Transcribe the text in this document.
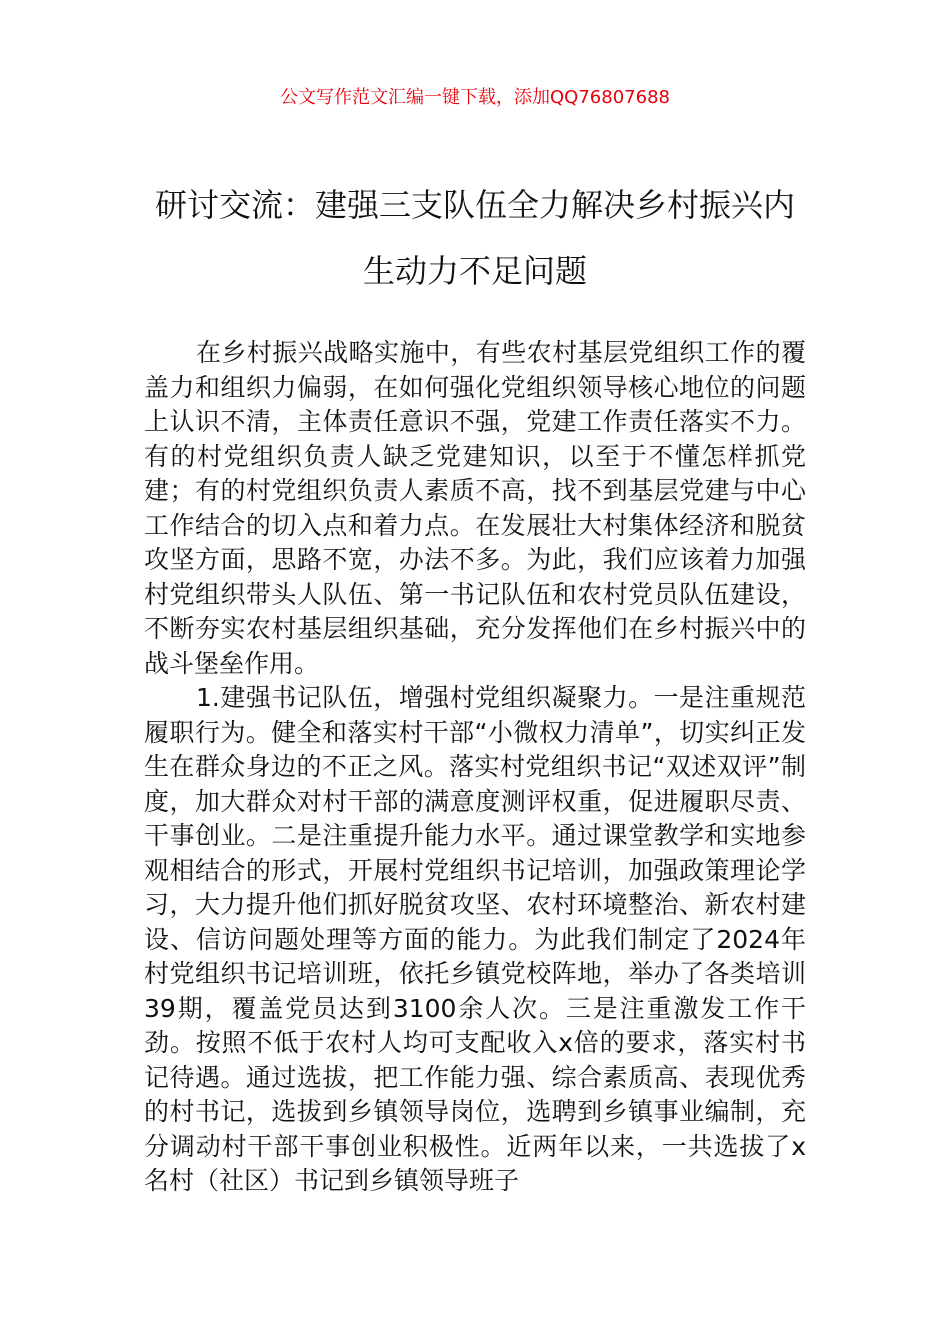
公文写作范文汇编一键下载，添加QQ76807688
研讨交流：建强三支队伍全力解决乡村振兴内生动力不足问题

在乡村振兴战略实施中，有些农村基层党组织工作的覆盖力和组织力偏弱，在如何强化党组织领导核心地位的问题上认识不清，主体责任意识不强，党建工作责任落实不力。有的村党组织负责人缺乏党建知识，以至于不懂怎样抓党建；有的村党组织负责人素质不高，找不到基层党建与中心工作结合的切入点和着力点。在发展壮大村集体经济和脱贫攻坚方面，思路不宽，办法不多。为此，我们应该着力加强村党组织带头人队伍、第一书记队伍和农村党员队伍建设，不断夯实农村基层组织基础，充分发挥他们在乡村振兴中的战斗堡垒作用。

1.建强书记队伍，增强村党组织凝聚力。一是注重规范履职行为。健全和落实村干部“小微权力清单”，切实纠正发生在群众身边的不正之风。落实村党组织书记“双述双评”制度，加大群众对村干部的满意度测评权重，促进履职尽责、干事创业。二是注重提升能力水平。通过课堂教学和实地参观相结合的形式，开展村党组织书记培训，加强政策理论学习，大力提升他们抓好脱贫攻坚、农村环境整治、新农村建设、信访问题处理等方面的能力。为此我们制定了2024年村党组织书记培训班，依托乡镇党校阵地，举办了各类培训39期，覆盖党员达到3100余人次。三是注重激发工作干劲。按照不低于农村人均可支配收入x倍的要求，落实村书记待遇。通过选拔，把工作能力强、综合素质高、表现优秀的村书记，选拔到乡镇领导岗位，选聘到乡镇事业编制，充分调动村干部干事创业积极性。近两年以来，一共选拔了x名村（社区）书记到乡镇领导班子
